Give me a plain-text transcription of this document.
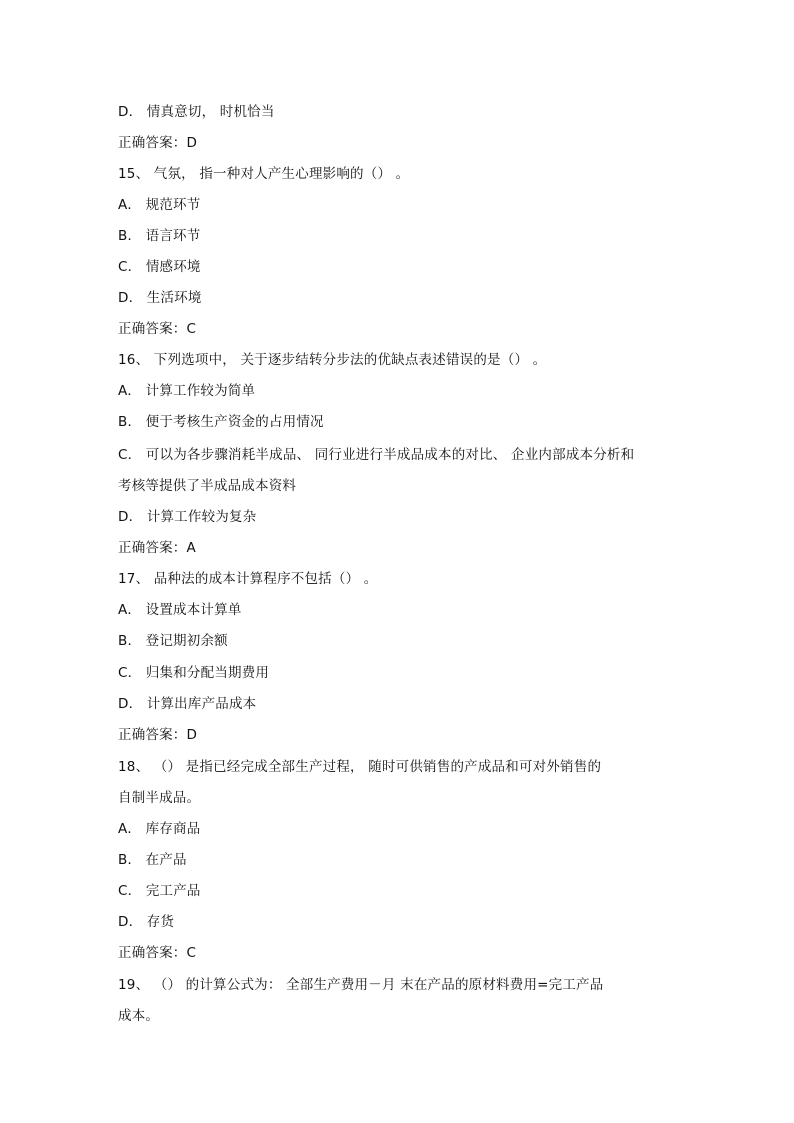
D． 情真意切， 时机恰当
正确答案：D
15、 气氛， 指一种对人产生心理影响的（） 。
A． 规范环节
B． 语言环节
C． 情感环境
D． 生活环境
正确答案：C
16、 下列选项中， 关于逐步结转分步法的优缺点表述错误的是（） 。
A． 计算工作较为简单
B． 便于考核生产资金的占用情况
C． 可以为各步骤消耗半成品、 同行业进行半成品成本的对比、 企业内部成本分析和
考核等提供了半成品成本资料
D． 计算工作较为复杂
正确答案：A
17、 品种法的成本计算程序不包括（） 。
A． 设置成本计算单
B． 登记期初余额
C． 归集和分配当期费用
D． 计算出库产品成本
正确答案：D
18、 （） 是指已经完成全部生产过程， 随时可供销售的产成品和可对外销售的
自制半成品。
A． 库存商品
B． 在产品
C． 完工产品
D． 存货
正确答案：C
19、 （） 的计算公式为： 全部生产费用－月 末在产品的原材料费用=完工产品
成本。
